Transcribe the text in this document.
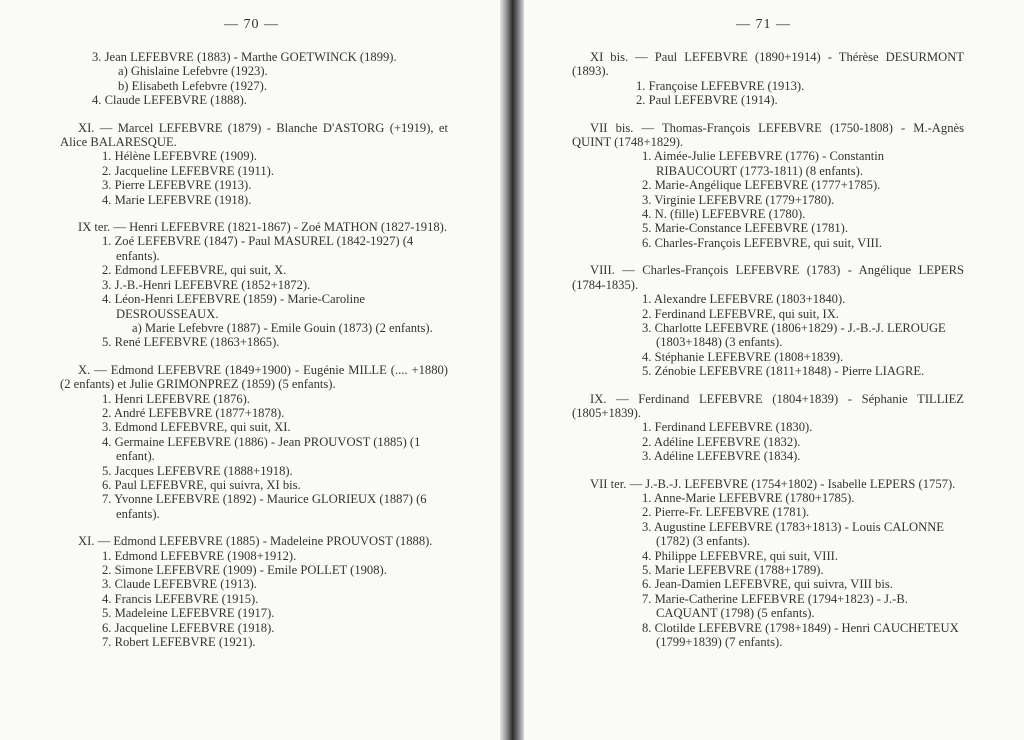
— 70 —

3. Jean LEFEBVRE (1883) - Marthe GOETWINCK (1899).

a) Ghislaine Lefebvre (1923).

b) Elisabeth Lefebvre (1927).

4. Claude LEFEBVRE (1888).

XI. — Marcel LEFEBVRE (1879) - Blanche D'ASTORG (+1919), et Alice BALARESQUE.

1. Hélène LEFEBVRE (1909).

2. Jacqueline LEFEBVRE (1911).

3. Pierre LEFEBVRE (1913).

4. Marie LEFEBVRE (1918).

IX ter. — Henri LEFEBVRE (1821-1867) - Zoé MATHON (1827-1918).

1. Zoé LEFEBVRE (1847) - Paul MASUREL (1842-1927) (4 enfants).

2. Edmond LEFEBVRE, qui suit, X.

3. J.-B.-Henri LEFEBVRE (1852+1872).

4. Léon-Henri LEFEBVRE (1859) - Marie-Caroline DESROUSSEAUX.

a) Marie Lefebvre (1887) - Emile Gouin (1873) (2 enfants).

5. René LEFEBVRE (1863+1865).

X. — Edmond LEFEBVRE (1849+1900) - Eugénie MILLE (.... +1880) (2 enfants) et Julie GRIMONPREZ (1859) (5 enfants).

1. Henri LEFEBVRE (1876).

2. André LEFEBVRE (1877+1878).

3. Edmond LEFEBVRE, qui suit, XI.

4. Germaine LEFEBVRE (1886) - Jean PROUVOST (1885) (1 enfant).

5. Jacques LEFEBVRE (1888+1918).

6. Paul LEFEBVRE, qui suivra, XI bis.

7. Yvonne LEFEBVRE (1892) - Maurice GLORIEUX (1887) (6 enfants).

XI. — Edmond LEFEBVRE (1885) - Madeleine PROUVOST (1888).

1. Edmond LEFEBVRE (1908+1912).

2. Simone LEFEBVRE (1909) - Emile POLLET (1908).

3. Claude LEFEBVRE (1913).

4. Francis LEFEBVRE (1915).

5. Madeleine LEFEBVRE (1917).

6. Jacqueline LEFEBVRE (1918).

7. Robert LEFEBVRE (1921).

— 71 —

XI bis. — Paul LEFEBVRE (1890+1914) - Thérèse DESURMONT (1893).

1. Françoise LEFEBVRE (1913).

2. Paul LEFEBVRE (1914).

VII bis. — Thomas-François LEFEBVRE (1750-1808) - M.-Agnès QUINT (1748+1829).

1. Aimée-Julie LEFEBVRE (1776) - Constantin RIBAUCOURT (1773-1811) (8 enfants).

2. Marie-Angélique LEFEBVRE (1777+1785).

3. Virginie LEFEBVRE (1779+1780).

4. N. (fille) LEFEBVRE (1780).

5. Marie-Constance LEFEBVRE (1781).

6. Charles-François LEFEBVRE, qui suit, VIII.

VIII. — Charles-François LEFEBVRE (1783) - Angélique LEPERS (1784-1835).

1. Alexandre LEFEBVRE (1803+1840).

2. Ferdinand LEFEBVRE, qui suit, IX.

3. Charlotte LEFEBVRE (1806+1829) - J.-B.-J. LEROUGE (1803+1848) (3 enfants).

4. Stéphanie LEFEBVRE (1808+1839).

5. Zénobie LEFEBVRE (1811+1848) - Pierre LIAGRE.

IX. — Ferdinand LEFEBVRE (1804+1839) - Séphanie TILLIEZ (1805+1839).

1. Ferdinand LEFEBVRE (1830).

2. Adéline LEFEBVRE (1832).

3. Adéline LEFEBVRE (1834).

VII ter. — J.-B.-J. LEFEBVRE (1754+1802) - Isabelle LEPERS (1757).

1. Anne-Marie LEFEBVRE (1780+1785).

2. Pierre-Fr. LEFEBVRE (1781).

3. Augustine LEFEBVRE (1783+1813) - Louis CALONNE (1782) (3 enfants).

4. Philippe LEFEBVRE, qui suit, VIII.

5. Marie LEFEBVRE (1788+1789).

6. Jean-Damien LEFEBVRE, qui suivra, VIII bis.

7. Marie-Catherine LEFEBVRE (1794+1823) - J.-B. CAQUANT (1798) (5 enfants).

8. Clotilde LEFEBVRE (1798+1849) - Henri CAUCHETEUX (1799+1839) (7 enfants).
